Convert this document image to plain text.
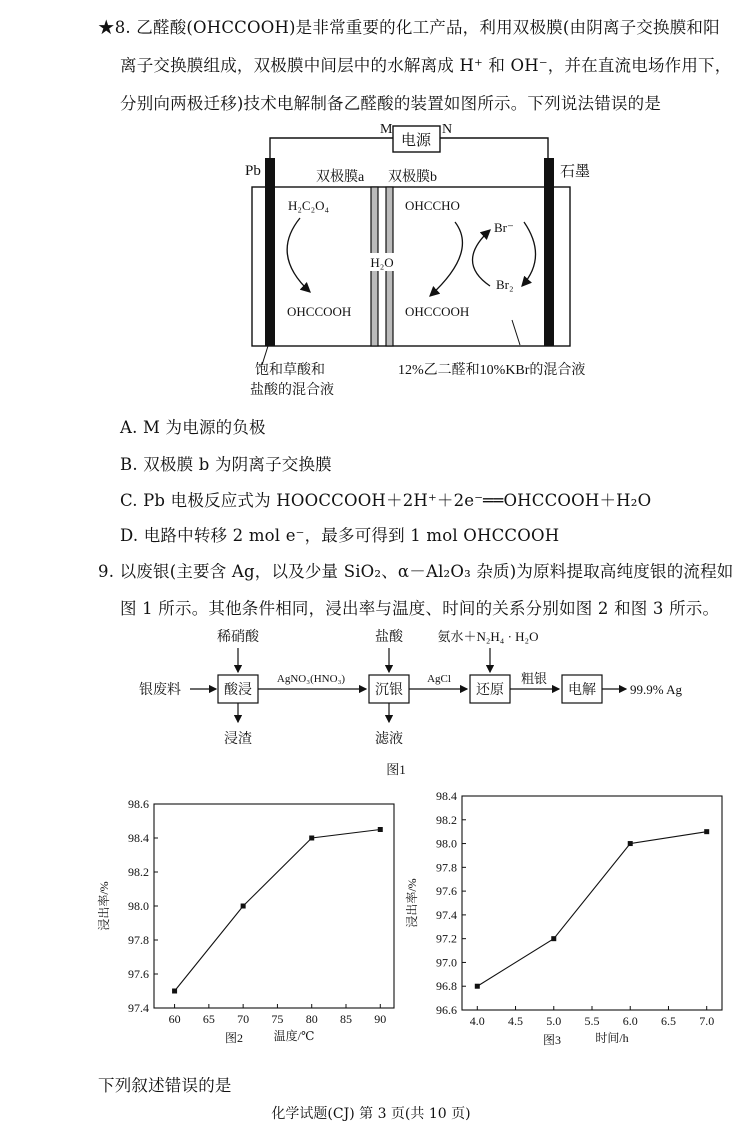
★8. 乙醛酸(OHCCOOH)是非常重要的化工产品，利用双极膜(由阴离子交换膜和阳
离子交换膜组成，双极膜中间层中的水解离成 H⁺ 和 OH⁻，并在直流电场作用下，
分别向两极迁移)技术电解制备乙醛酸的装置如图所示。下列说法错误的是
电源
M	N
Pb	石墨
双极膜a 双极膜b
H₂O
H₂C₂O₄
OHCCOOH
OHCCHO
Br⁻
Br₂
OHCCOOH
饱和草酸和
盐酸的混合液
12%乙二醛和10%KBr的混合液
A. M 为电源的负极
B. 双极膜 b 为阴离子交换膜
C. Pb 电极反应式为 HOOCCOOH＋2H⁺＋2e⁻══OHCCOOH＋H₂O
D. 电路中转移 2 mol e⁻，最多可得到 1 mol OHCCOOH
9. 以废银(主要含 Ag，以及少量 SiO₂、α－Al₂O₃ 杂质)为原料提取高纯度银的流程如
图 1 所示。其他条件相同，浸出率与温度、时间的关系分别如图 2 和图 3 所示。
稀硝酸	盐酸	氨水＋N₂H₄ · H₂O
银废料	酸浸
AgNO₃(HNO₃)
沉银
AgCl
还原
粗银
电解	99.9% Ag
浸渣	滤液
图1
97.4
97.6
97.8
98.0
98.2
98.4
98.6
60 65 70 75 80 85 90
温度/℃
图2
浸出率/%
96.6
96.8
97.0
97.2
97.4
97.6
97.8
98.0
98.2
98.4
4.0 4.5 5.0 5.5 6.0 6.5 7.0
时间/h
图3
浸出率/%
下列叙述错误的是
化学试题(CJ) 第 3 页(共 10 页)
